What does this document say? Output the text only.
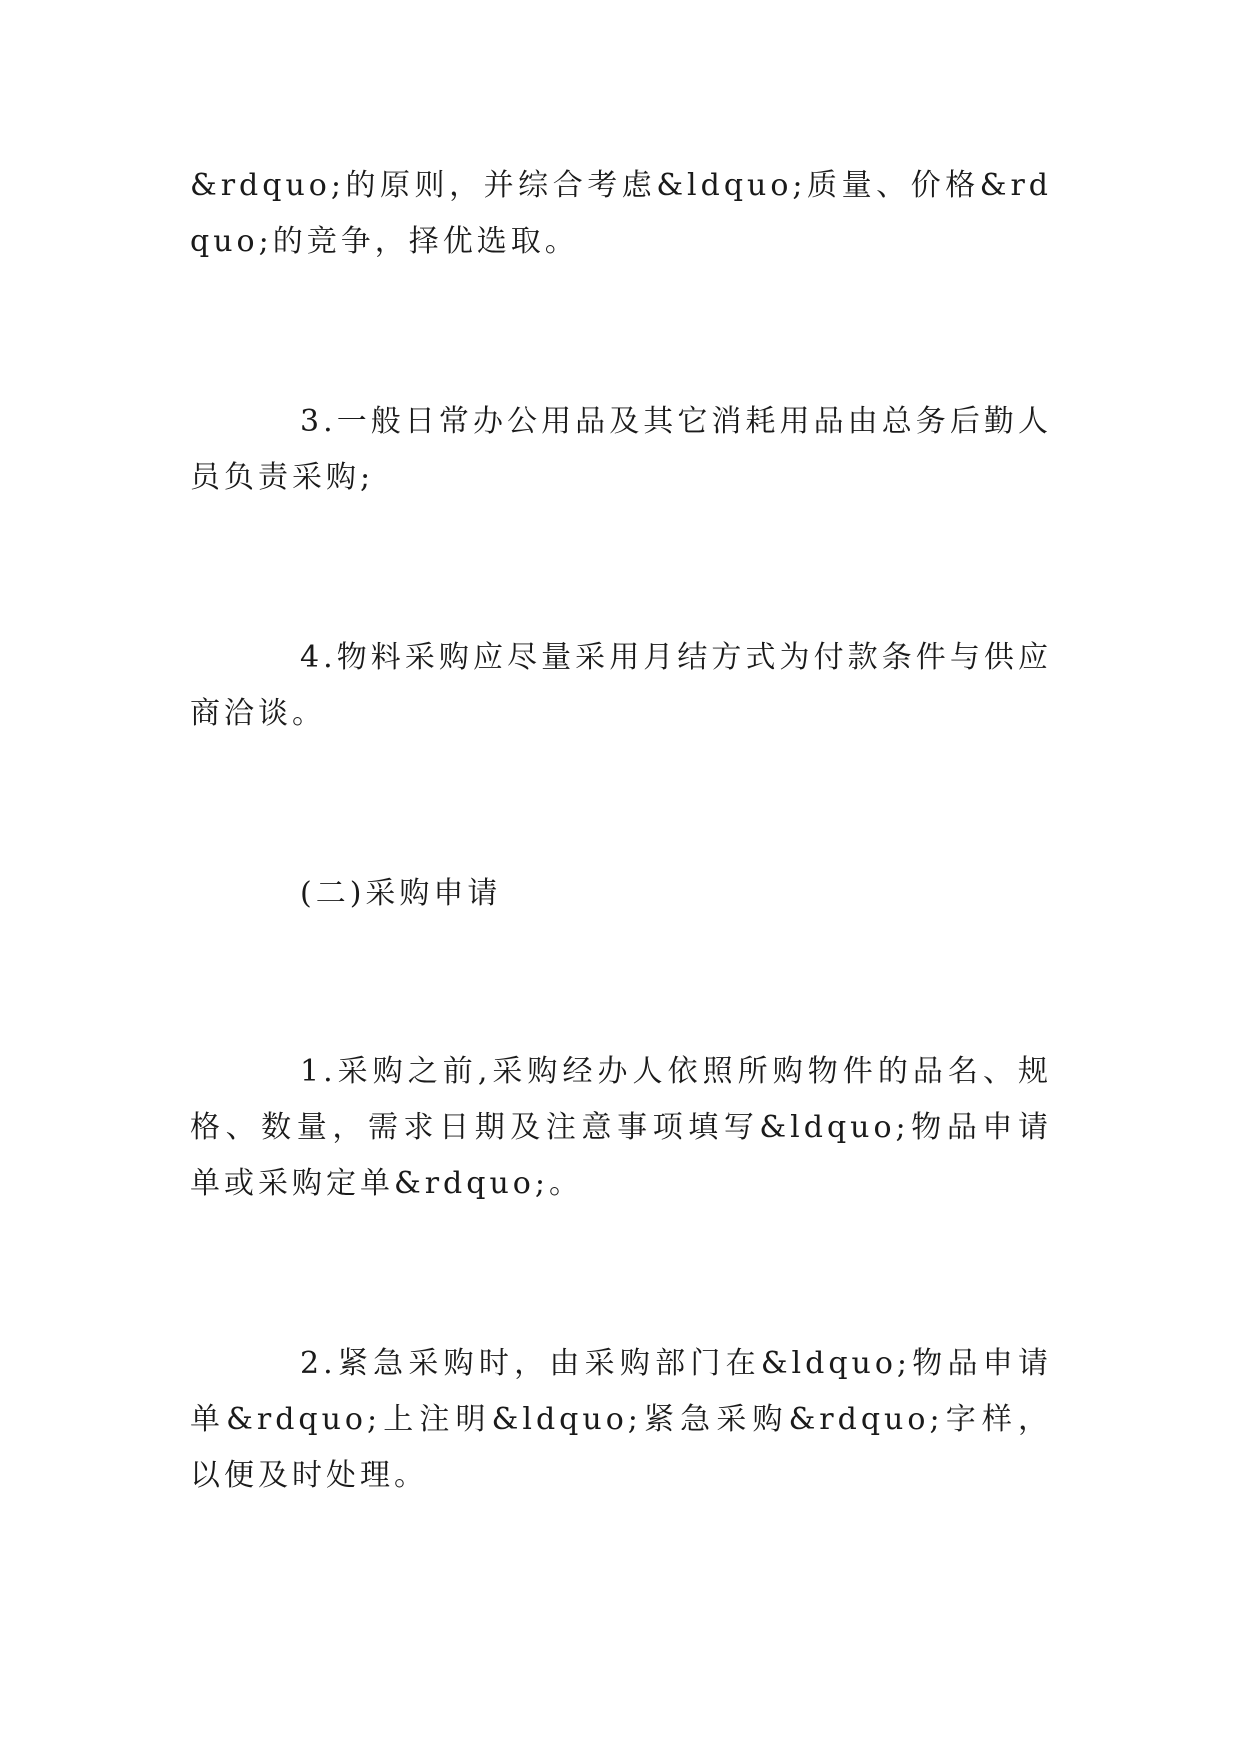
&rdquo;的原则，并综合考虑&ldquo;质量、价格&rdquo;的竞争，择优选取。

3.一般日常办公用品及其它消耗用品由总务后勤人员负责采购;

4.物料采购应尽量采用月结方式为付款条件与供应商洽谈。

(二)采购申请

1.采购之前,采购经办人依照所购物件的品名、规格、数量，需求日期及注意事项填写&ldquo;物品申请单或采购定单&rdquo;。

2.紧急采购时，由采购部门在&ldquo;物品申请单&rdquo;上注明&ldquo;紧急采购&rdquo;字样，以便及时处理。
